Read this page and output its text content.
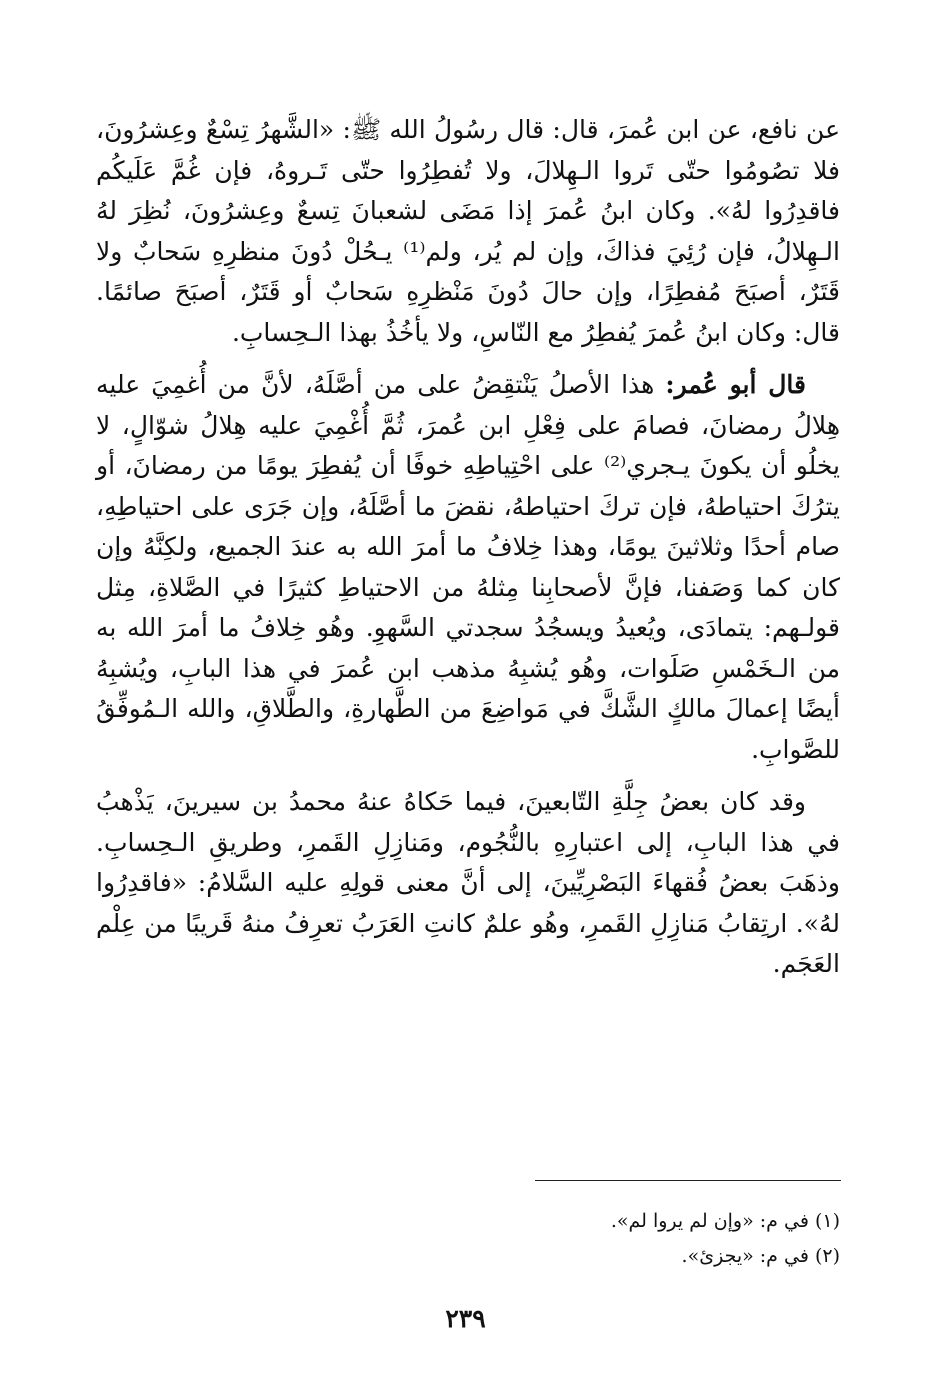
عن نافع، عن ابن عُمرَ، قال: قال رسُولُ الله ﷺ: «الشَّهرُ تِسْعٌ وعِشرُونَ، فلا تصُومُوا حتّى تَروا الـهِلالَ، ولا تُفطِرُوا حتّى تَـروهُ، فإن غُمَّ عَلَيكُم فاقدِرُوا لهُ». وكان ابنُ عُمرَ إذا مَضَى لشعبانَ تِسعٌ وعِشرُونَ، نُظِرَ لهُ الـهِلالُ، فإن رُئِيَ فذاكَ، وإن لم يُر، ولم⁽¹⁾ يـحُلْ دُونَ منظرِهِ سَحابٌ ولا قَتَرٌ، أصبَحَ مُفطِرًا، وإن حالَ دُونَ مَنْظرِهِ سَحابٌ أو قَتَرٌ، أصبَحَ صائمًا. قال: وكان ابنُ عُمرَ يُفطِرُ مع النّاسِ، ولا يأخُذُ بهذا الـحِسابِ.

قال أبو عُمر: هذا الأصلُ يَنْتقِضُ على من أصَّلَهُ، لأنَّ من أُغمِيَ عليه هِلالُ رمضانَ، فصامَ على فِعْلِ ابن عُمرَ، ثُمَّ أُغْمِيَ عليه هِلالُ شوّالٍ، لا يخلُو أن يكونَ يـجري⁽²⁾ على احْتِياطِهِ خوفًا أن يُفطِرَ يومًا من رمضانَ، أو يترُكَ احتياطهُ، فإن تركَ احتياطهُ، نقضَ ما أصَّلَهُ، وإن جَرَى على احتياطِهِ، صام أحدًا وثلاثينَ يومًا، وهذا خِلافُ ما أمرَ الله به عندَ الجميع، ولكِنَّهُ وإن كان كما وَصَفنا، فإنَّ لأصحابِنا مِثلهُ من الاحتياطِ كثيرًا في الصَّلاةِ، مِثل قولـهم: يتمادَى، ويُعيدُ ويسجُدُ سجدتي السَّهوِ. وهُو خِلافُ ما أمرَ الله به من الـخَمْسِ صَلَوات، وهُو يُشبِهُ مذهب ابن عُمرَ في هذا البابِ، ويُشبِهُ أيضًا إعمالَ مالكٍ الشَّكَّ في مَواضِعَ من الطَّهارةِ، والطَّلاقِ، والله الـمُوفِّقُ للصَّوابِ.

وقد كان بعضُ جِلَّةِ التّابعينَ، فيما حَكاهُ عنهُ محمدُ بن سيرينَ، يَذْهبُ في هذا البابِ، إلى اعتبارِهِ بالنُّجُوم، ومَنازِلِ القَمرِ، وطريقِ الـحِسابِ. وذهَبَ بعضُ فُقهاءَ البَصْرِيِّينَ، إلى أنَّ معنى قولِهِ عليه السَّلامُ: «فاقدِرُوا لهُ». ارتِقابُ مَنازِلِ القَمرِ، وهُو علمٌ كانتِ العَرَبُ تعرِفُ منهُ قَريبًا من عِلْم العَجَم.

(١) في م: «وإن لم يروا لم».

(٢) في م: «يجزئ».

٢٣٩
